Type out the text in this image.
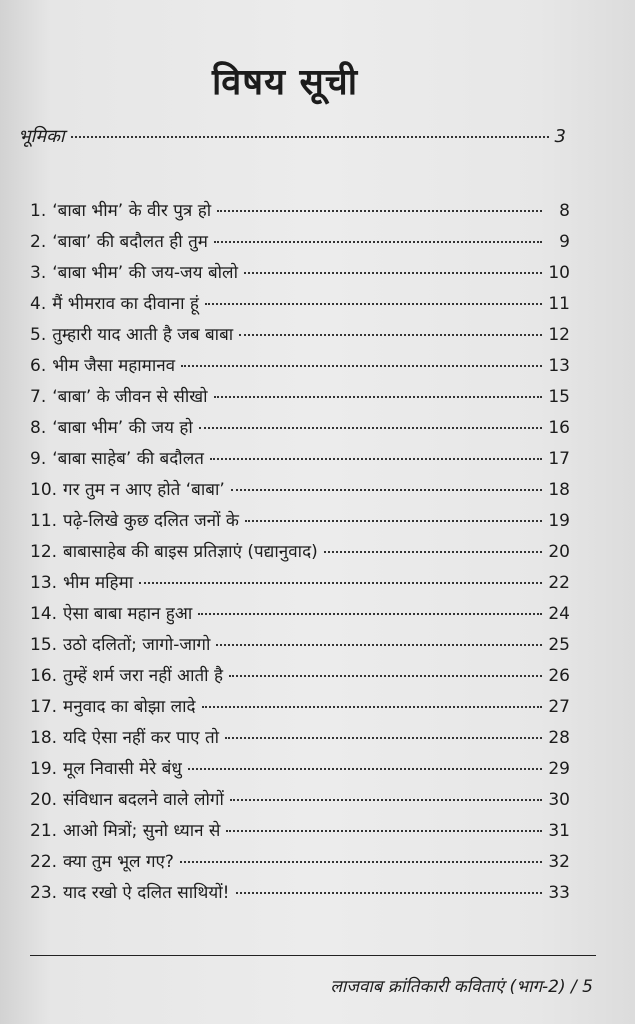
विषय सूची
भूमिका	3
1. ‘बाबा भीम’ के वीर पुत्र हो	8
2. ‘बाबा’ की बदौलत ही तुम	9
3. ‘बाबा भीम’ की जय-जय बोलो	10
4. मैं भीमराव का दीवाना हूं	11
5. तुम्हारी याद आती है जब बाबा	12
6. भीम जैसा महामानव	13
7. ‘बाबा’ के जीवन से सीखो	15
8. ‘बाबा भीम’ की जय हो	16
9. ‘बाबा साहेब’ की बदौलत	17
10. गर तुम न आए होते ‘बाबा’	18
11. पढ़े-लिखे कुछ दलित जनों के	19
12. बाबासाहेब की बाइस प्रतिज्ञाएं (पद्यानुवाद)	20
13. भीम महिमा	22
14. ऐसा बाबा महान हुआ	24
15. उठो दलितों; जागो-जागो	25
16. तुम्हें शर्म जरा नहीं आती है	26
17. मनुवाद का बोझा लादे	27
18. यदि ऐसा नहीं कर पाए तो	28
19. मूल निवासी मेरे बंधु	29
20. संविधान बदलने वाले लोगों	30
21. आओ मित्रों; सुनो ध्यान से	31
22. क्या तुम भूल गए?	32
23. याद रखो ऐ दलित साथियों!	33
लाजवाब क्रांतिकारी कविताएं (भाग-2) / 5
